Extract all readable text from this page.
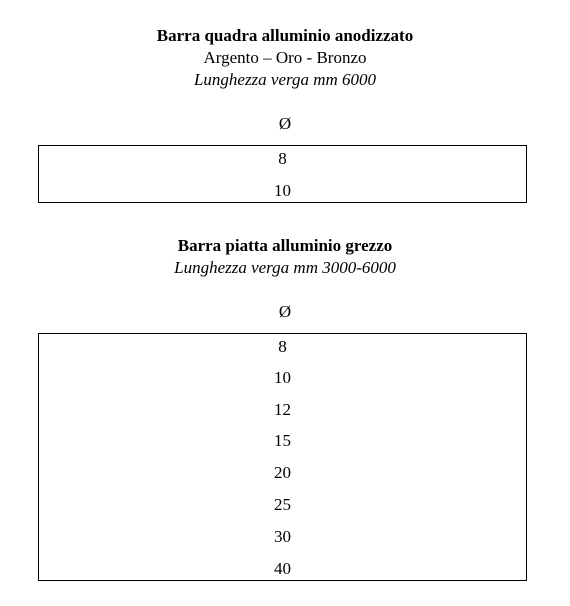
Barra quadra alluminio anodizzato
Argento – Oro - Bronzo
Lunghezza verga mm 6000
Ø
8
10
Barra piatta alluminio grezzo
Lunghezza verga mm 3000-6000
Ø
8
10
12
15
20
25
30
40
